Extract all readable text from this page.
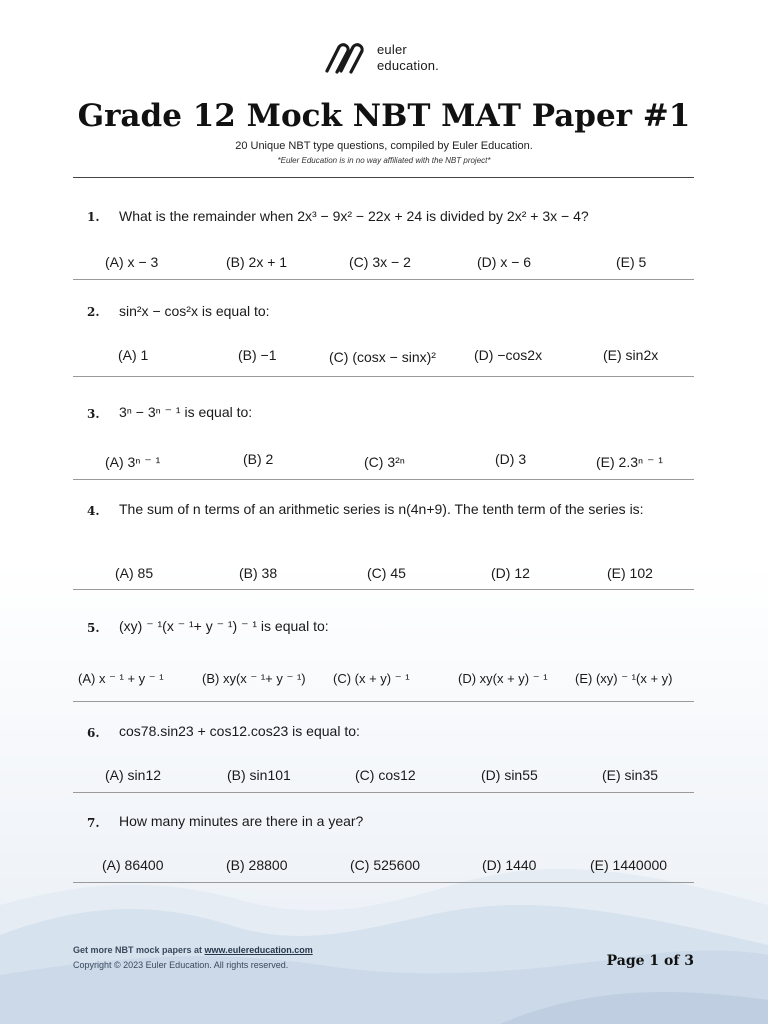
euler
education.
Grade 12 Mock NBT MAT Paper #1
20 Unique NBT type questions, compiled by Euler Education.
*Euler Education is in no way affiliated with the NBT project*
1. What is the remainder when 2x³ − 9x² − 22x + 24 is divided by 2x² + 3x − 4?
(A) x − 3	(B) 2x + 1	(C) 3x − 2	(D) x − 6	(E) 5
2. sin²x − cos²x is equal to:
(A) 1	(B) −1	(C) (cosx − sinx)²	(D) −cos2x	(E) sin2x
3. 3ⁿ − 3ⁿ ⁻ ¹ is equal to:
(A) 3ⁿ ⁻ ¹	(B) 2	(C) 3²ⁿ	(D) 3	(E) 2.3ⁿ ⁻ ¹
4. The sum of n terms of an arithmetic series is n(4n+9). The tenth term of the series is:
(A) 85	(B) 38	(C) 45	(D) 12	(E) 102
5. (xy) ⁻ ¹(x ⁻ ¹+ y ⁻ ¹) ⁻ ¹ is equal to:
(A) x ⁻ ¹ + y ⁻ ¹	(B) xy(x ⁻ ¹+ y ⁻ ¹) (C) (x + y) ⁻ ¹	(D) xy(x + y) ⁻ ¹ (E) (xy) ⁻ ¹(x + y)
6. cos78.sin23 + cos12.cos23 is equal to:
(A) sin12	(B) sin101	(C) cos12	(D) sin55	(E) sin35
7. How many minutes are there in a year?
(A) 86400	(B) 28800	(C) 525600	(D) 1440	(E) 1440000
Get more NBT mock papers at www.eulereducation.com
Copyright © 2023 Euler Education. All rights reserved.	Page 1 of 3
